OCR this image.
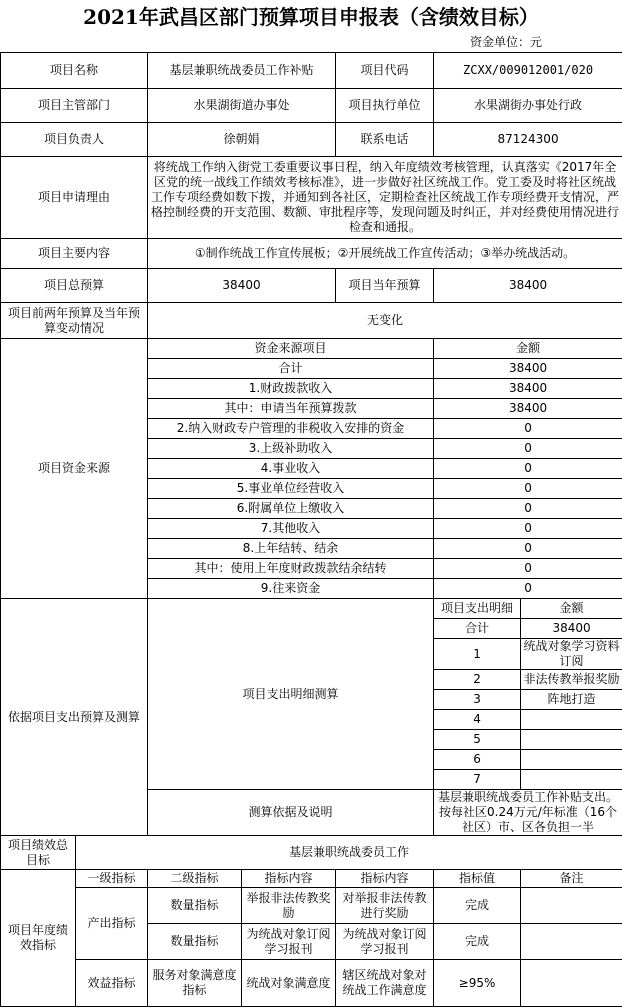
2021年武昌区部门预算项目申报表（含绩效目标）
资金单位：元
项目名称		基层兼职统战委员工作补贴		项目代码	ZCXX/009012001/020	
项目主管部门		水果湖街道办事处		项目执行单位	水果湖街办事处行政	
项目负责人		徐朝娟		联系电话	87124300	
项目申请理由		将统战工作纳入街党工委重要议事日程，纳入年度绩效考核管理，认真落实《2017年全区党的统一战线工作绩效考核标准》，进一步做好社区统战工作。党工委及时将社区统战工作专项经费如数下拨，并通知到各社区，定期检查社区统战工作专项经费开支情况，严格控制经费的开支范围、数额、审批程序等，发现问题及时纠正，并对经费使用情况进行检查和通报。				
项目主要内容		①制作统战工作宣传展板；②开展统战工作宣传活动；③举办统战活动。				
项目总预算		38400		项目当年预算	38400	
项目前两年预算及当年预算变动情况		无变化				
项目资金来源		资金来源项目			金额	
		合计			38400	
		1.财政拨款收入			38400	
		其中：申请当年预算拨款			38400	
		2.纳入财政专户管理的非税收入安排的资金			0	
		3.上级补助收入			0	
		4.事业收入			0	
		5.事业单位经营收入			0	
		6.附属单位上缴收入			0	
		7.其他收入			0	
		8.上年结转、结余			0	
		其中：使用上年度财政拨款结余结转			0	
		9.往来资金			0	
依据项目支出预算及测算		项目支出明细测算			项目支出明细	金额
					合计	38400
					1	统战对象学习资料订阅
					2	非法传教举报奖励
					3	阵地打造
					4	
					5	
					6	
					7	
		测算依据及说明			基层兼职统战委员工作补贴支出。按每社区0.24万元/年标准（16个社区）市、区各负担一半	
项目绩效总目标	基层兼职统战委员工作					
项目年度绩效指标	一级指标	二级指标	指标内容	指标内容	指标值	备注
	产出指标	数量指标	举报非法传教奖励	对举报非法传教进行奖励	完成	
		数量指标	为统战对象订阅学习报刊	为统战对象订阅学习报刊	完成	
	效益指标	服务对象满意度指标	统战对象满意度	辖区统战对象对统战工作满意度	≥95%	
